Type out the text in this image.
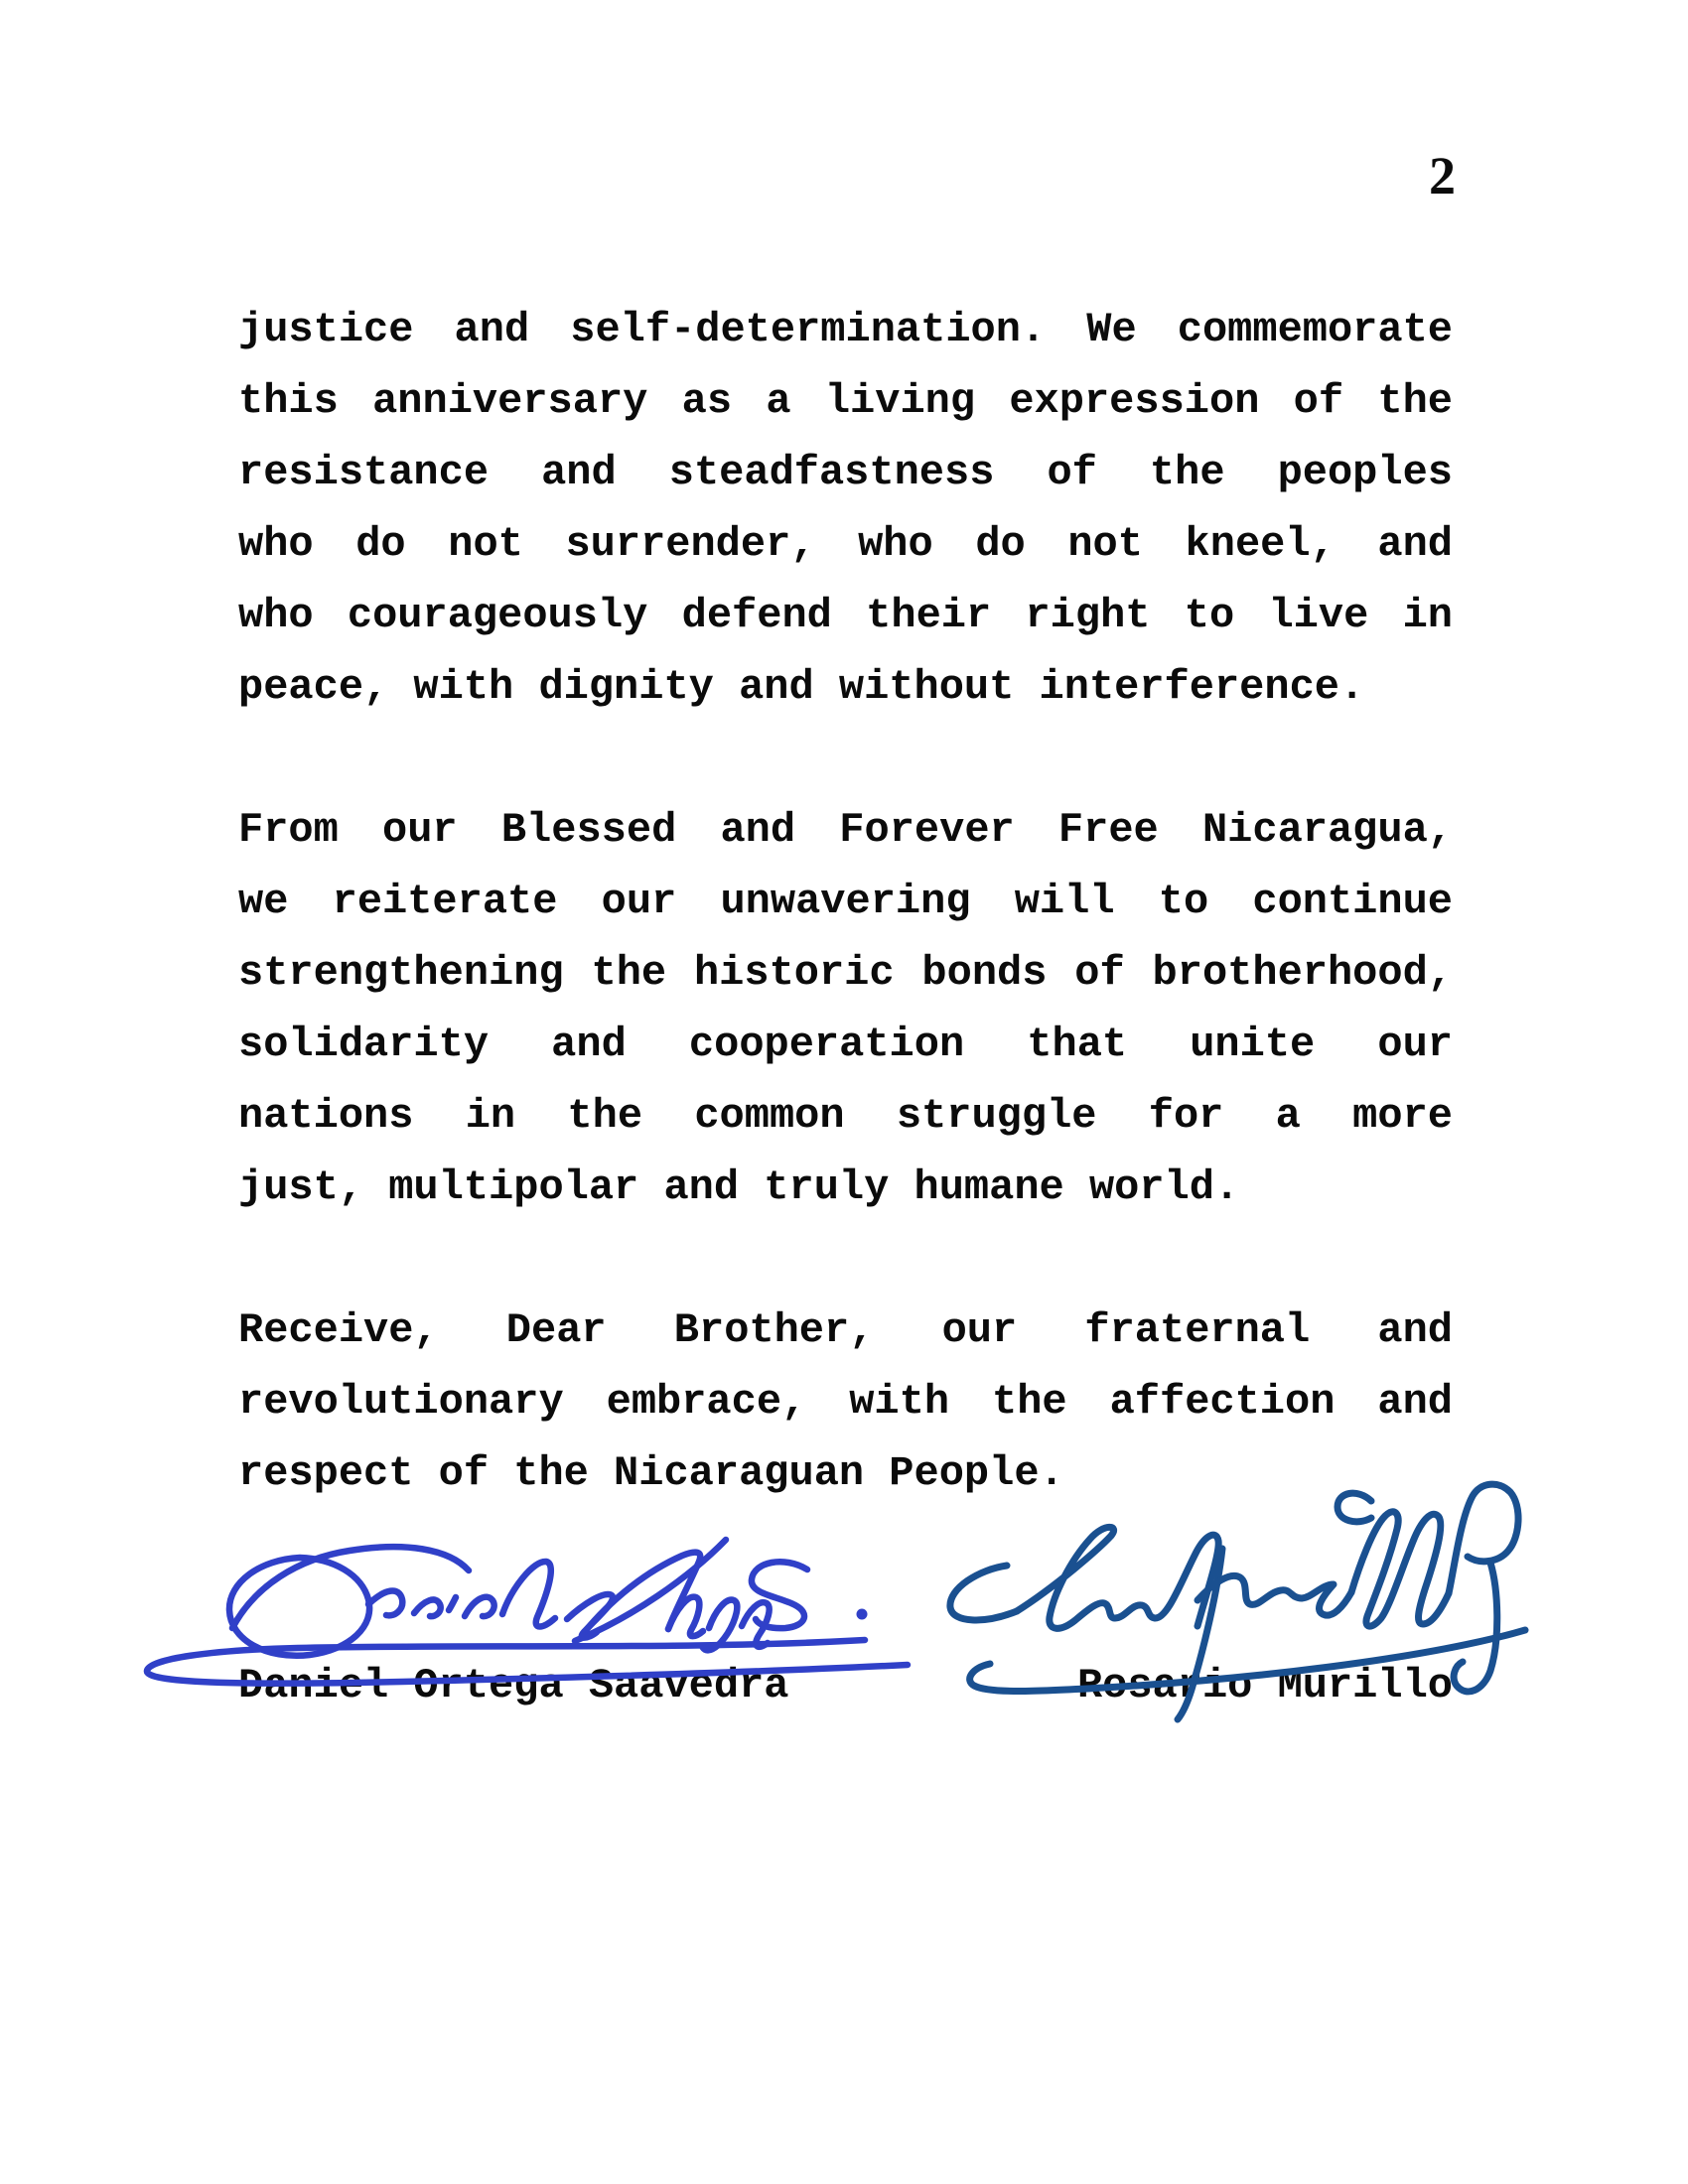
2
justice and self-determination. We commemorate
this anniversary as a living expression of the
resistance and steadfastness of the peoples
who do not surrender, who do not kneel, and
who courageously defend their right to live in
peace, with dignity and without interference.
From our Blessed and Forever Free Nicaragua,
we reiterate our unwavering will to continue
strengthening the historic bonds of brotherhood,
solidarity and cooperation that unite our
nations in the common struggle for a more
just, multipolar and truly humane world.
Receive, Dear Brother, our fraternal and
revolutionary embrace, with the affection and
respect of the Nicaraguan People.
Daniel Ortega Saavedra	Rosario Murillo
